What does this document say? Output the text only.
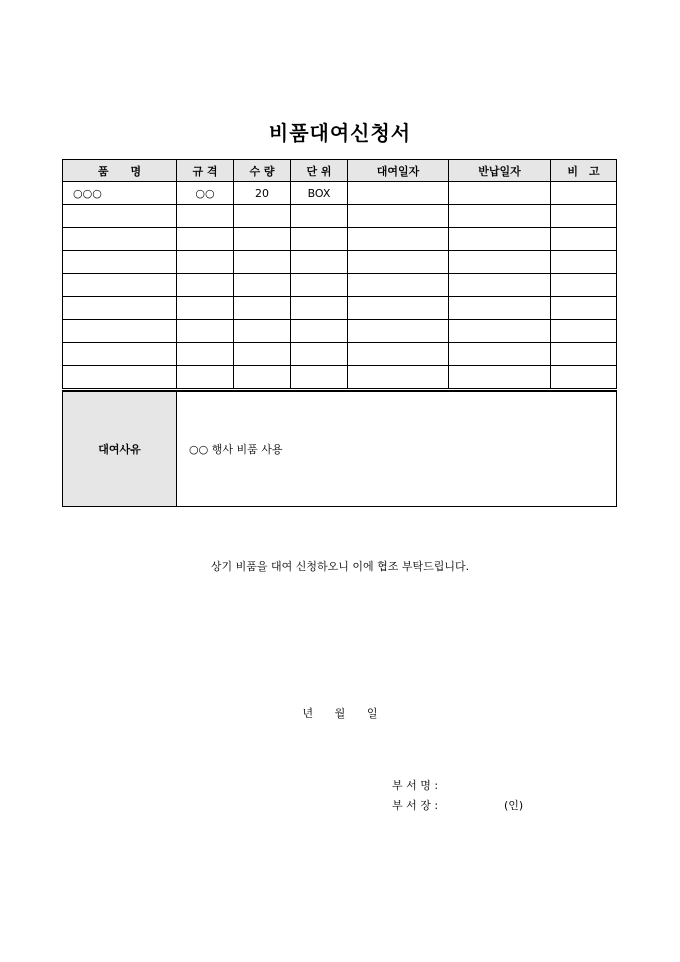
비품대여신청서
품　　명	규 격	수 량	단 위	대여일자	반납일자	비　고
○○○	○○	20	BOX			

대여사유	○○ 행사 비품 사용
상기 비품을 대여 신청하오니 이에 협조 부탁드립니다.
년 월 일
부 서 명 :
부 서 장 :	(인)
